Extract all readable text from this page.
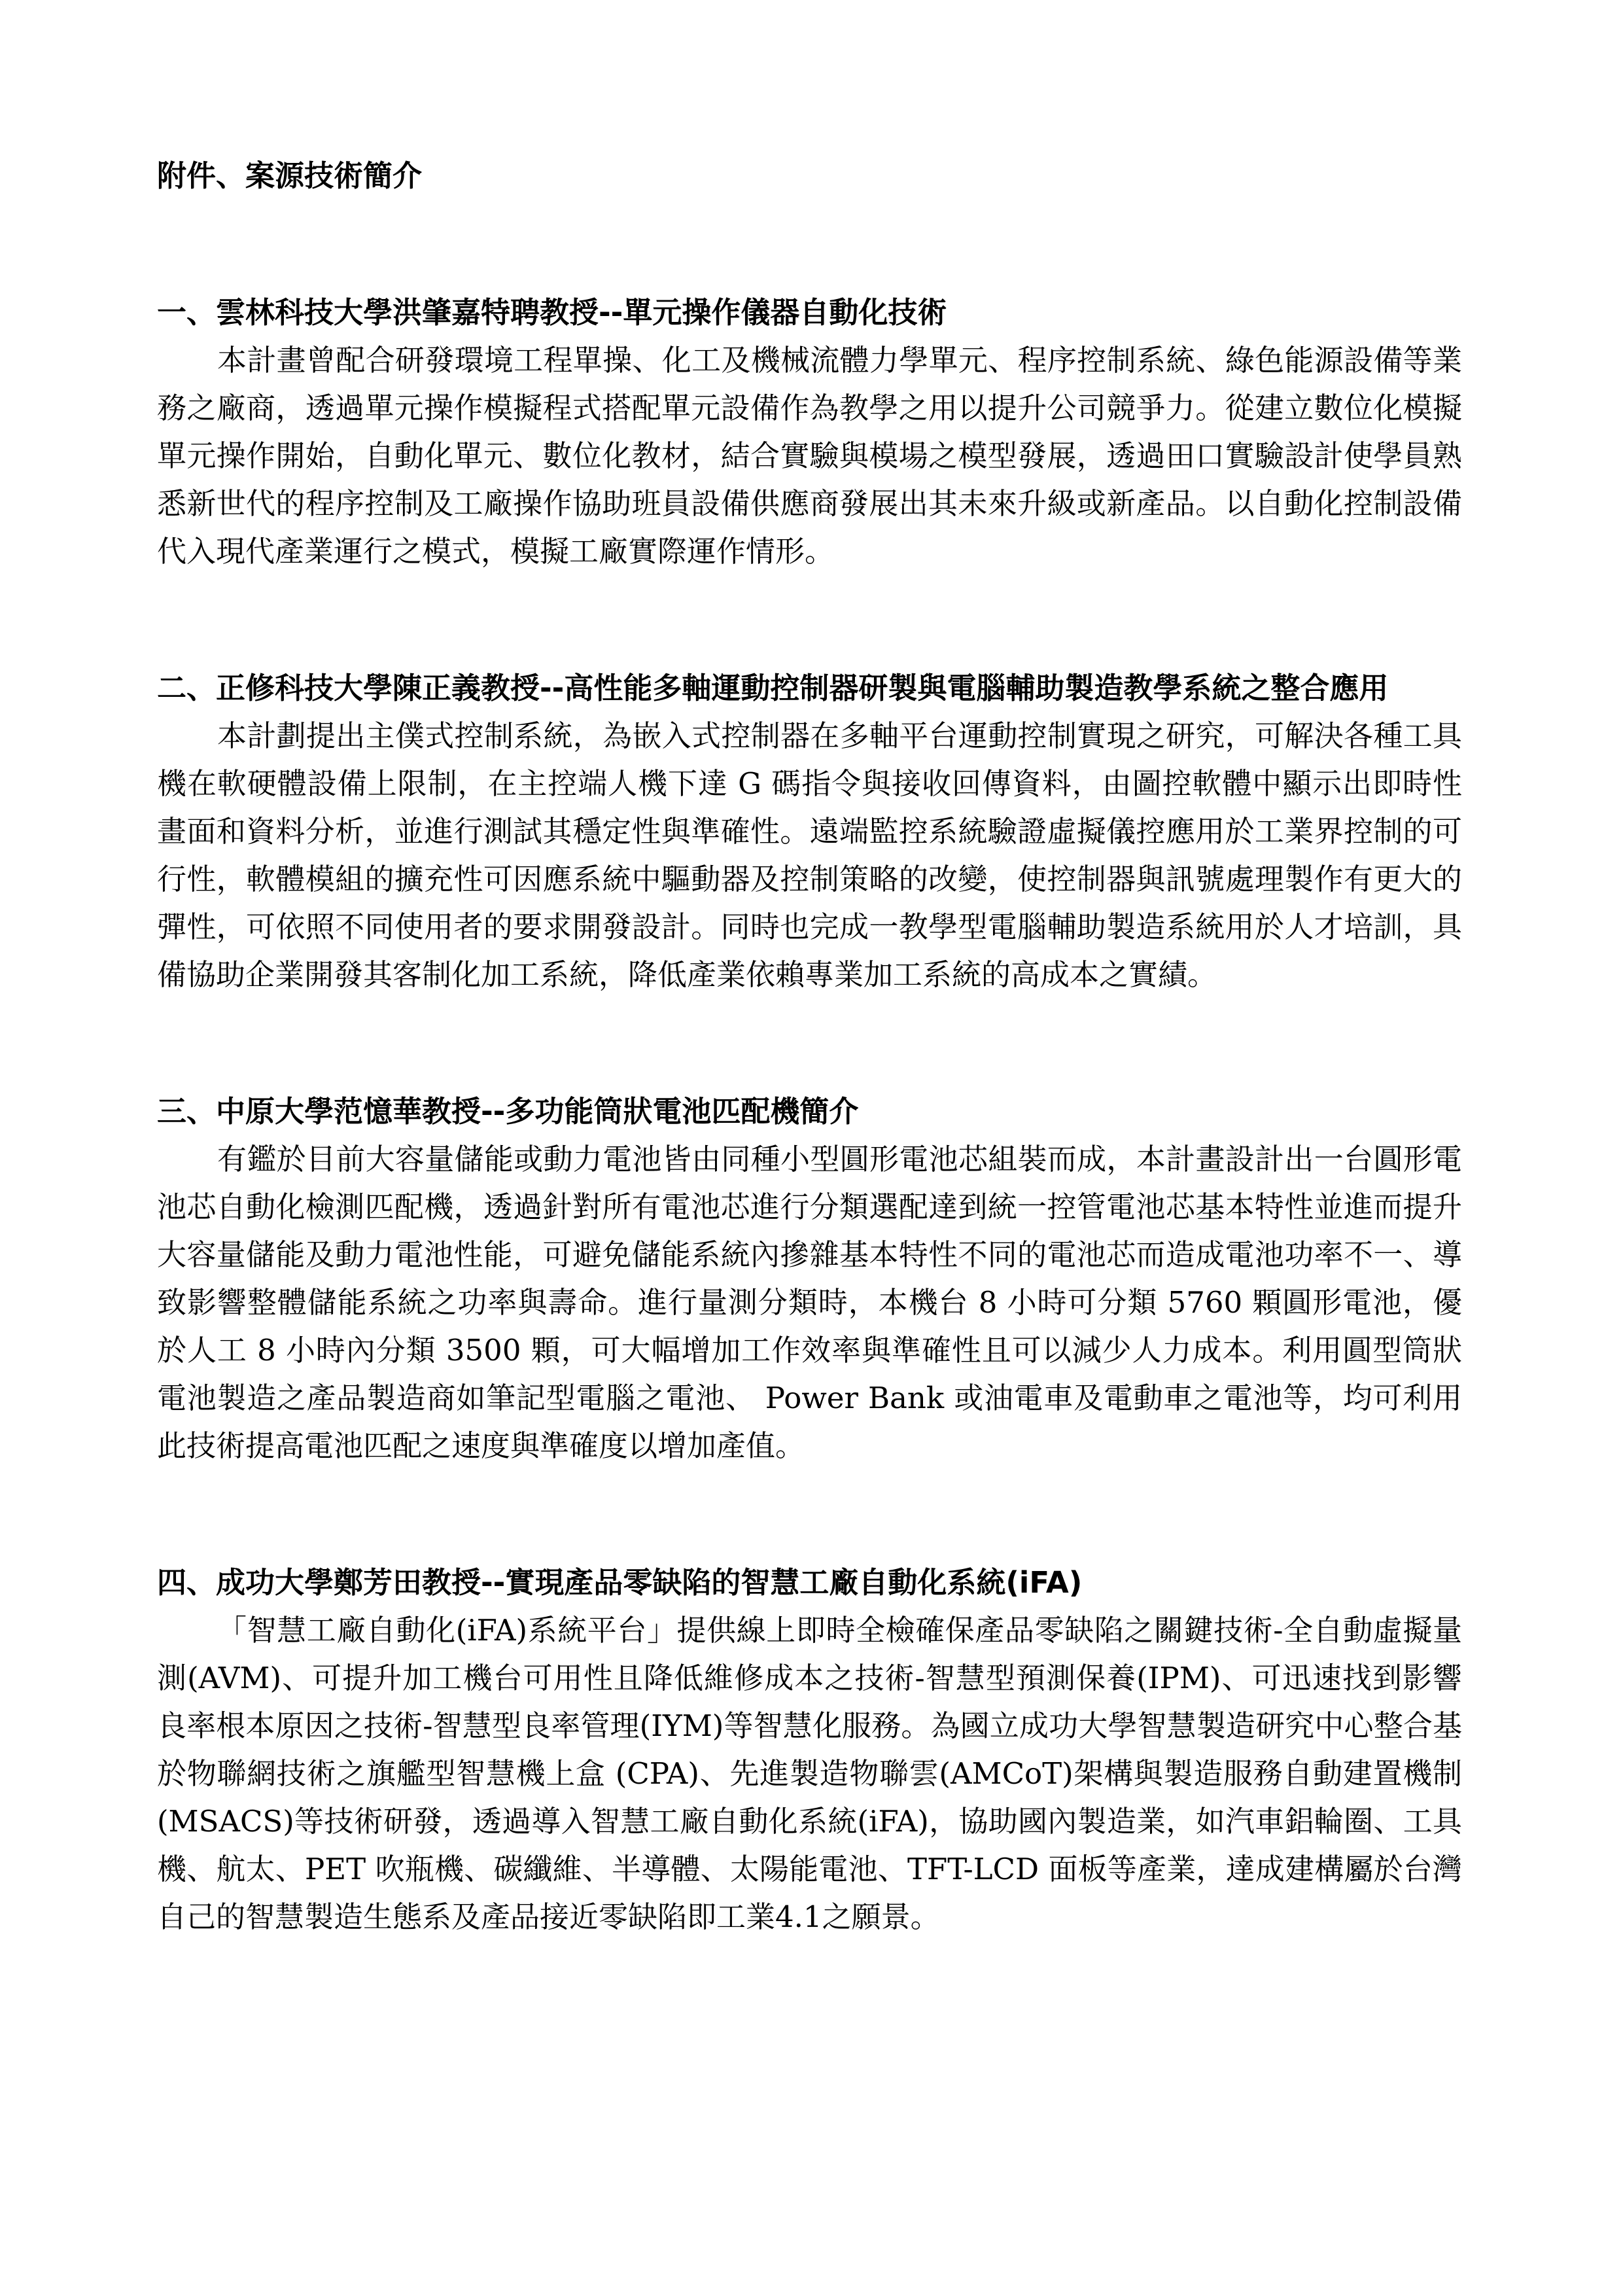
附件、案源技術簡介

一、雲林科技大學洪肇嘉特聘教授--單元操作儀器自動化技術

本計畫曾配合研發環境工程單操、化工及機械流體力學單元、程序控制系統、綠色能源設備等業務之廠商，透過單元操作模擬程式搭配單元設備作為教學之用以提升公司競爭力。從建立數位化模擬單元操作開始，自動化單元、數位化教材，結合實驗與模場之模型發展，透過田口實驗設計使學員熟悉新世代的程序控制及工廠操作協助班員設備供應商發展出其未來升級或新產品。以自動化控制設備代入現代產業運行之模式，模擬工廠實際運作情形。

二、正修科技大學陳正義教授--高性能多軸運動控制器研製與電腦輔助製造教學系統之整合應用

本計劃提出主僕式控制系統，為嵌入式控制器在多軸平台運動控制實現之研究，可解決各種工具機在軟硬體設備上限制，在主控端人機下達 G 碼指令與接收回傳資料，由圖控軟體中顯示出即時性畫面和資料分析，並進行測試其穩定性與準確性。遠端監控系統驗證虛擬儀控應用於工業界控制的可行性，軟體模組的擴充性可因應系統中驅動器及控制策略的改變，使控制器與訊號處理製作有更大的彈性，可依照不同使用者的要求開發設計。同時也完成一教學型電腦輔助製造系統用於人才培訓，具備協助企業開發其客制化加工系統，降低產業依賴專業加工系統的高成本之實績。

三、中原大學范憶華教授--多功能筒狀電池匹配機簡介

有鑑於目前大容量儲能或動力電池皆由同種小型圓形電池芯組裝而成，本計畫設計出一台圓形電池芯自動化檢測匹配機，透過針對所有電池芯進行分類選配達到統一控管電池芯基本特性並進而提升大容量儲能及動力電池性能，可避免儲能系統內摻雜基本特性不同的電池芯而造成電池功率不一、導致影響整體儲能系統之功率與壽命。進行量測分類時，本機台 8 小時可分類 5760 顆圓形電池，優於人工 8 小時內分類 3500 顆，可大幅增加工作效率與準確性且可以減少人力成本。利用圓型筒狀電池製造之產品製造商如筆記型電腦之電池、 Power Bank 或油電車及電動車之電池等，均可利用此技術提高電池匹配之速度與準確度以增加產值。

四、成功大學鄭芳田教授--實現產品零缺陷的智慧工廠自動化系統(iFA)

「智慧工廠自動化(iFA)系統平台」提供線上即時全檢確保產品零缺陷之關鍵技術-全自動虛擬量測(AVM)、可提升加工機台可用性且降低維修成本之技術-智慧型預測保養(IPM)、可迅速找到影響良率根本原因之技術-智慧型良率管理(IYM)等智慧化服務。為國立成功大學智慧製造研究中心整合基於物聯網技術之旗艦型智慧機上盒 (CPA)、先進製造物聯雲(AMCoT)架構與製造服務自動建置機制(MSACS)等技術研發，透過導入智慧工廠自動化系統(iFA)，協助國內製造業，如汽車鋁輪圈、工具機、航太、PET 吹瓶機、碳纖維、半導體、太陽能電池、TFT-LCD 面板等產業，達成建構屬於台灣自己的智慧製造生態系及產品接近零缺陷即工業4.1之願景。
